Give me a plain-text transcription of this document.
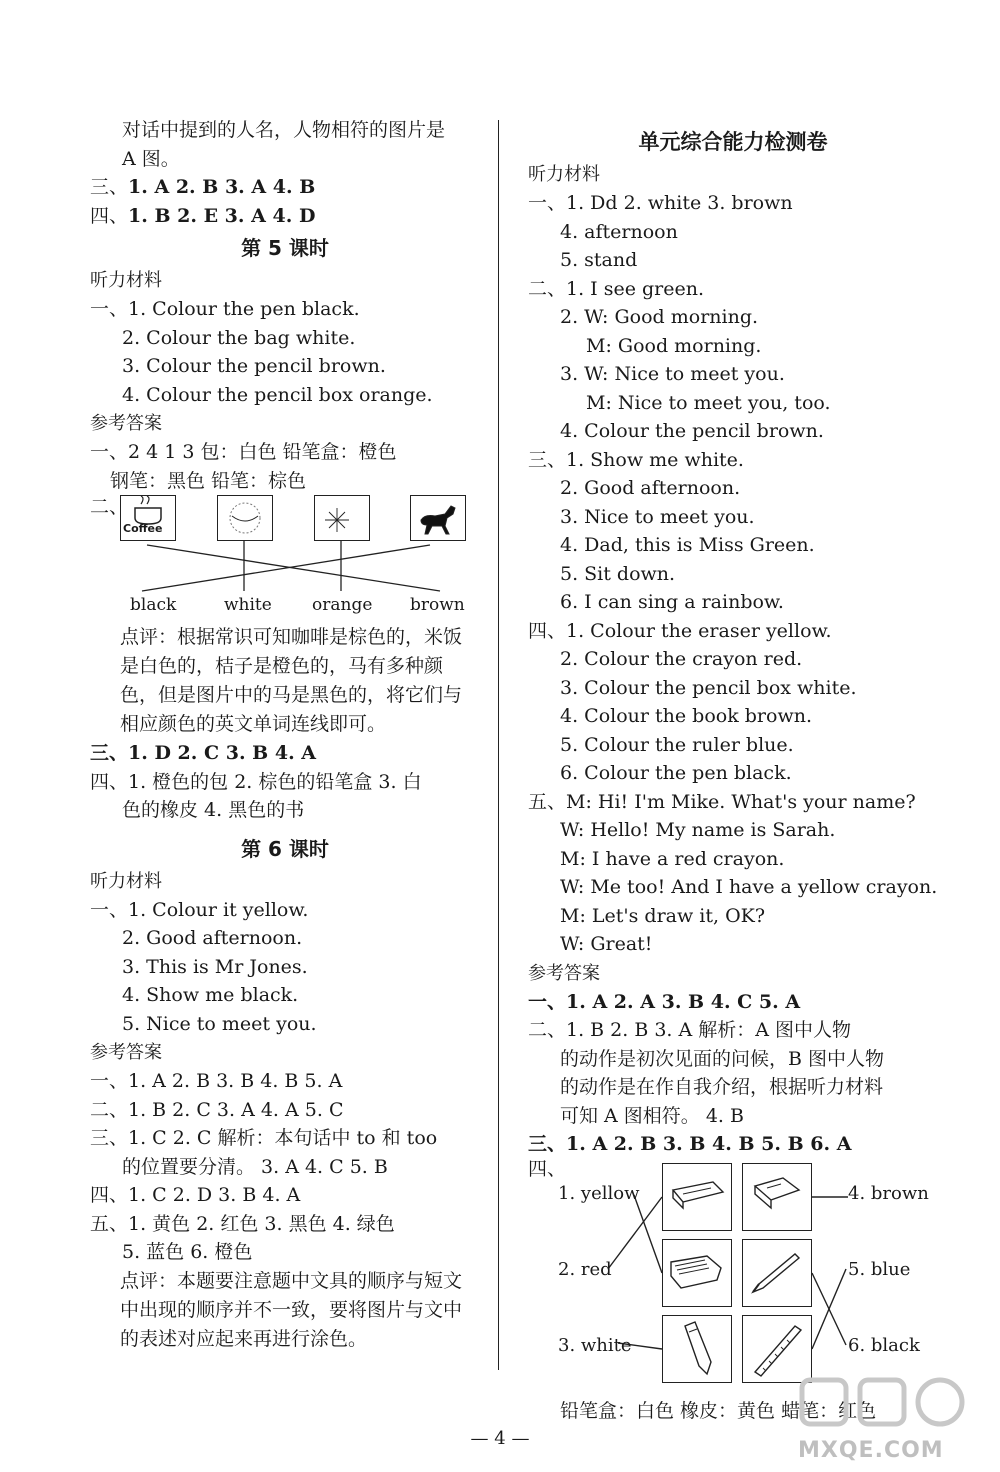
对话中提到的人名，人物相符的图片是
A 图。
三、1. A 2. B 3. A 4. B
四、1. B 2. E 3. A 4. D
第 5 课时
听力材料
一、1. Colour the pen black.
2. Colour the bag white.
3. Colour the pencil brown.
4. Colour the pencil box orange.
参考答案
一、2 4 1 3 包：白色 铅笔盒：橙色
钢笔：黑色 铅笔：棕色
二、
Coffee
black	white orange brown
点评：根据常识可知咖啡是棕色的，米饭是白色的，桔子是橙色的，马有多种颜色，但是图片中的马是黑色的，将它们与相应颜色的英文单词连线即可。
三、1. D 2. C 3. B 4. A
四、1. 橙色的包 2. 棕色的铅笔盒 3. 白
色的橡皮 4. 黑色的书
第 6 课时
听力材料
一、1. Colour it yellow.
2. Good afternoon.
3. This is Mr Jones.
4. Show me black.
5. Nice to meet you.
参考答案
一、1. A 2. B 3. B 4. B 5. A
二、1. B 2. C 3. A 4. A 5. C
三、1. C 2. C 解析：本句话中 to 和 too
的位置要分清。 3. A 4. C 5. B
四、1. C 2. D 3. B 4. A
五、1. 黄色 2. 红色 3. 黑色 4. 绿色
5. 蓝色 6. 橙色
点评：本题要注意题中文具的顺序与短文中出现的顺序并不一致，要将图片与文中的表述对应起来再进行涂色。
单元综合能力检测卷
听力材料
一、1. Dd 2. white 3. brown
4. afternoon
5. stand
二、1. I see green.
2. W: Good morning.
M: Good morning.
3. W: Nice to meet you.
M: Nice to meet you, too.
4. Colour the pencil brown.
三、1. Show me white.
2. Good afternoon.
3. Nice to meet you.
4. Dad, this is Miss Green.
5. Sit down.
6. I can sing a rainbow.
四、1. Colour the eraser yellow.
2. Colour the crayon red.
3. Colour the pencil box white.
4. Colour the book brown.
5. Colour the ruler blue.
6. Colour the pen black.
五、M: Hi! I'm Mike. What's your name?
W: Hello! My name is Sarah.
M: I have a red crayon.
W: Me too! And I have a yellow crayon.
M: Let's draw it, OK?
W: Great!
参考答案
一、1. A 2. A 3. B 4. C 5. A
二、1. B 2. B 3. A 解析：A 图中人物
的动作是初次见面的问候，B 图中人物
的动作是在作自我介绍，根据听力材料
可知 A 图相符。 4. B
三、1. A 2. B 3. B 4. B 5. B 6. A
四、
1. yellow
2. red
3. white
4. brown
5. blue
6. black
铅笔盒：白色 橡皮：黄色 蜡笔：红色
— 4 —	MXQE.COM
